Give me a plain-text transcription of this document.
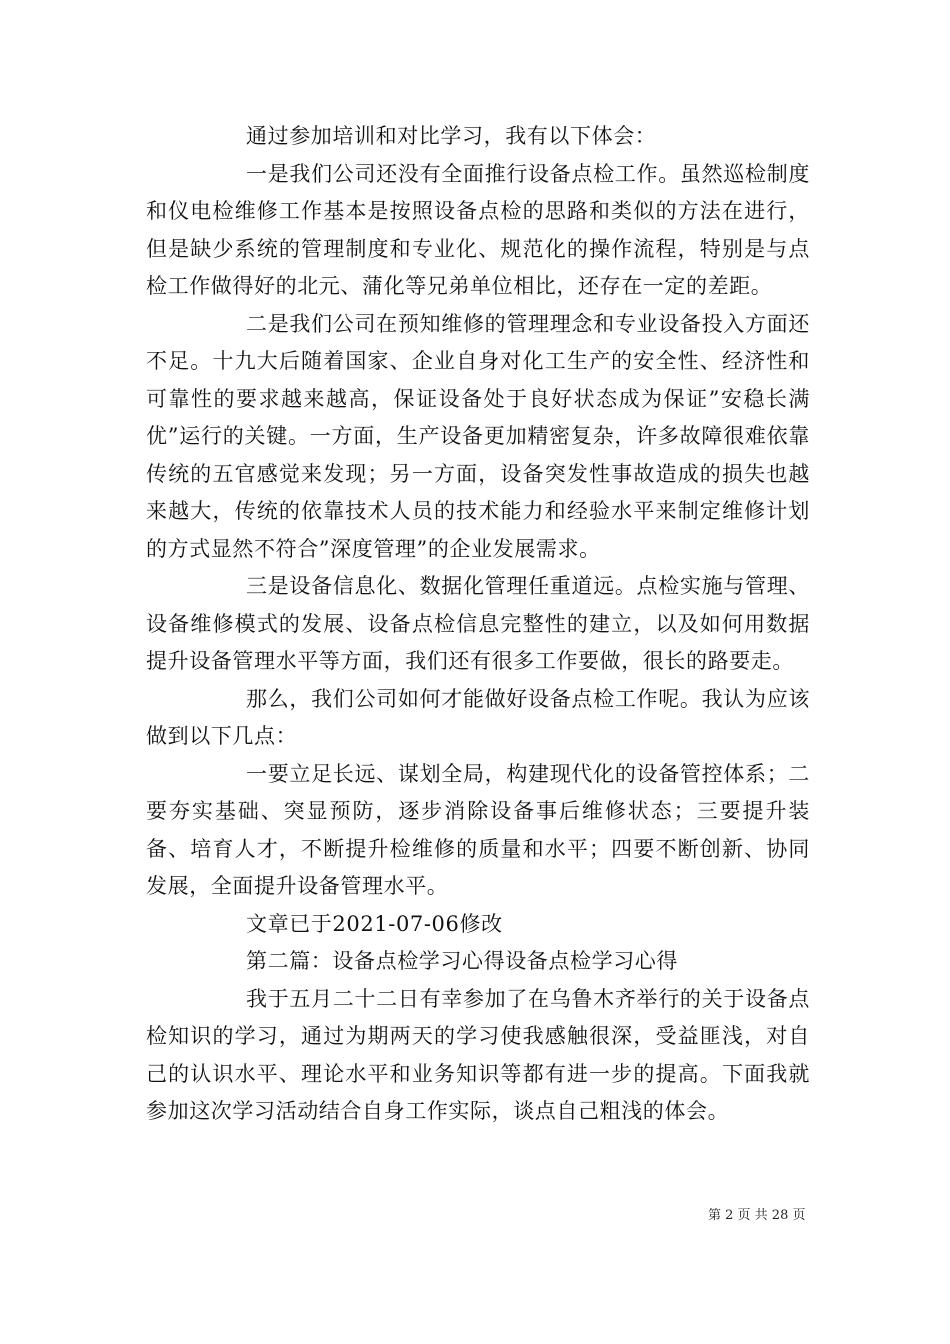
通过参加培训和对比学习，我有以下体会：

一是我们公司还没有全面推行设备点检工作。虽然巡检制度和仪电检维修工作基本是按照设备点检的思路和类似的方法在进行，但是缺少系统的管理制度和专业化、规范化的操作流程，特别是与点检工作做得好的北元、蒲化等兄弟单位相比，还存在一定的差距。

二是我们公司在预知维修的管理理念和专业设备投入方面还不足。十九大后随着国家、企业自身对化工生产的安全性、经济性和可靠性的要求越来越高，保证设备处于良好状态成为保证”安稳长满优”运行的关键。一方面，生产设备更加精密复杂，许多故障很难依靠传统的五官感觉来发现；另一方面，设备突发性事故造成的损失也越来越大，传统的依靠技术人员的技术能力和经验水平来制定维修计划的方式显然不符合”深度管理”的企业发展需求。

三是设备信息化、数据化管理任重道远。点检实施与管理、设备维修模式的发展、设备点检信息完整性的建立，以及如何用数据提升设备管理水平等方面，我们还有很多工作要做，很长的路要走。

那么，我们公司如何才能做好设备点检工作呢。我认为应该做到以下几点：

一要立足长远、谋划全局，构建现代化的设备管控体系；二要夯实基础、突显预防，逐步消除设备事后维修状态；三要提升装备、培育人才，不断提升检维修的质量和水平；四要不断创新、协同发展，全面提升设备管理水平。

文章已于2021-07-06修改

第二篇：设备点检学习心得设备点检学习心得

我于五月二十二日有幸参加了在乌鲁木齐举行的关于设备点检知识的学习，通过为期两天的学习使我感触很深，受益匪浅，对自己的认识水平、理论水平和业务知识等都有进一步的提高。下面我就参加这次学习活动结合自身工作实际，谈点自己粗浅的体会。

第 2 页 共 28 页
